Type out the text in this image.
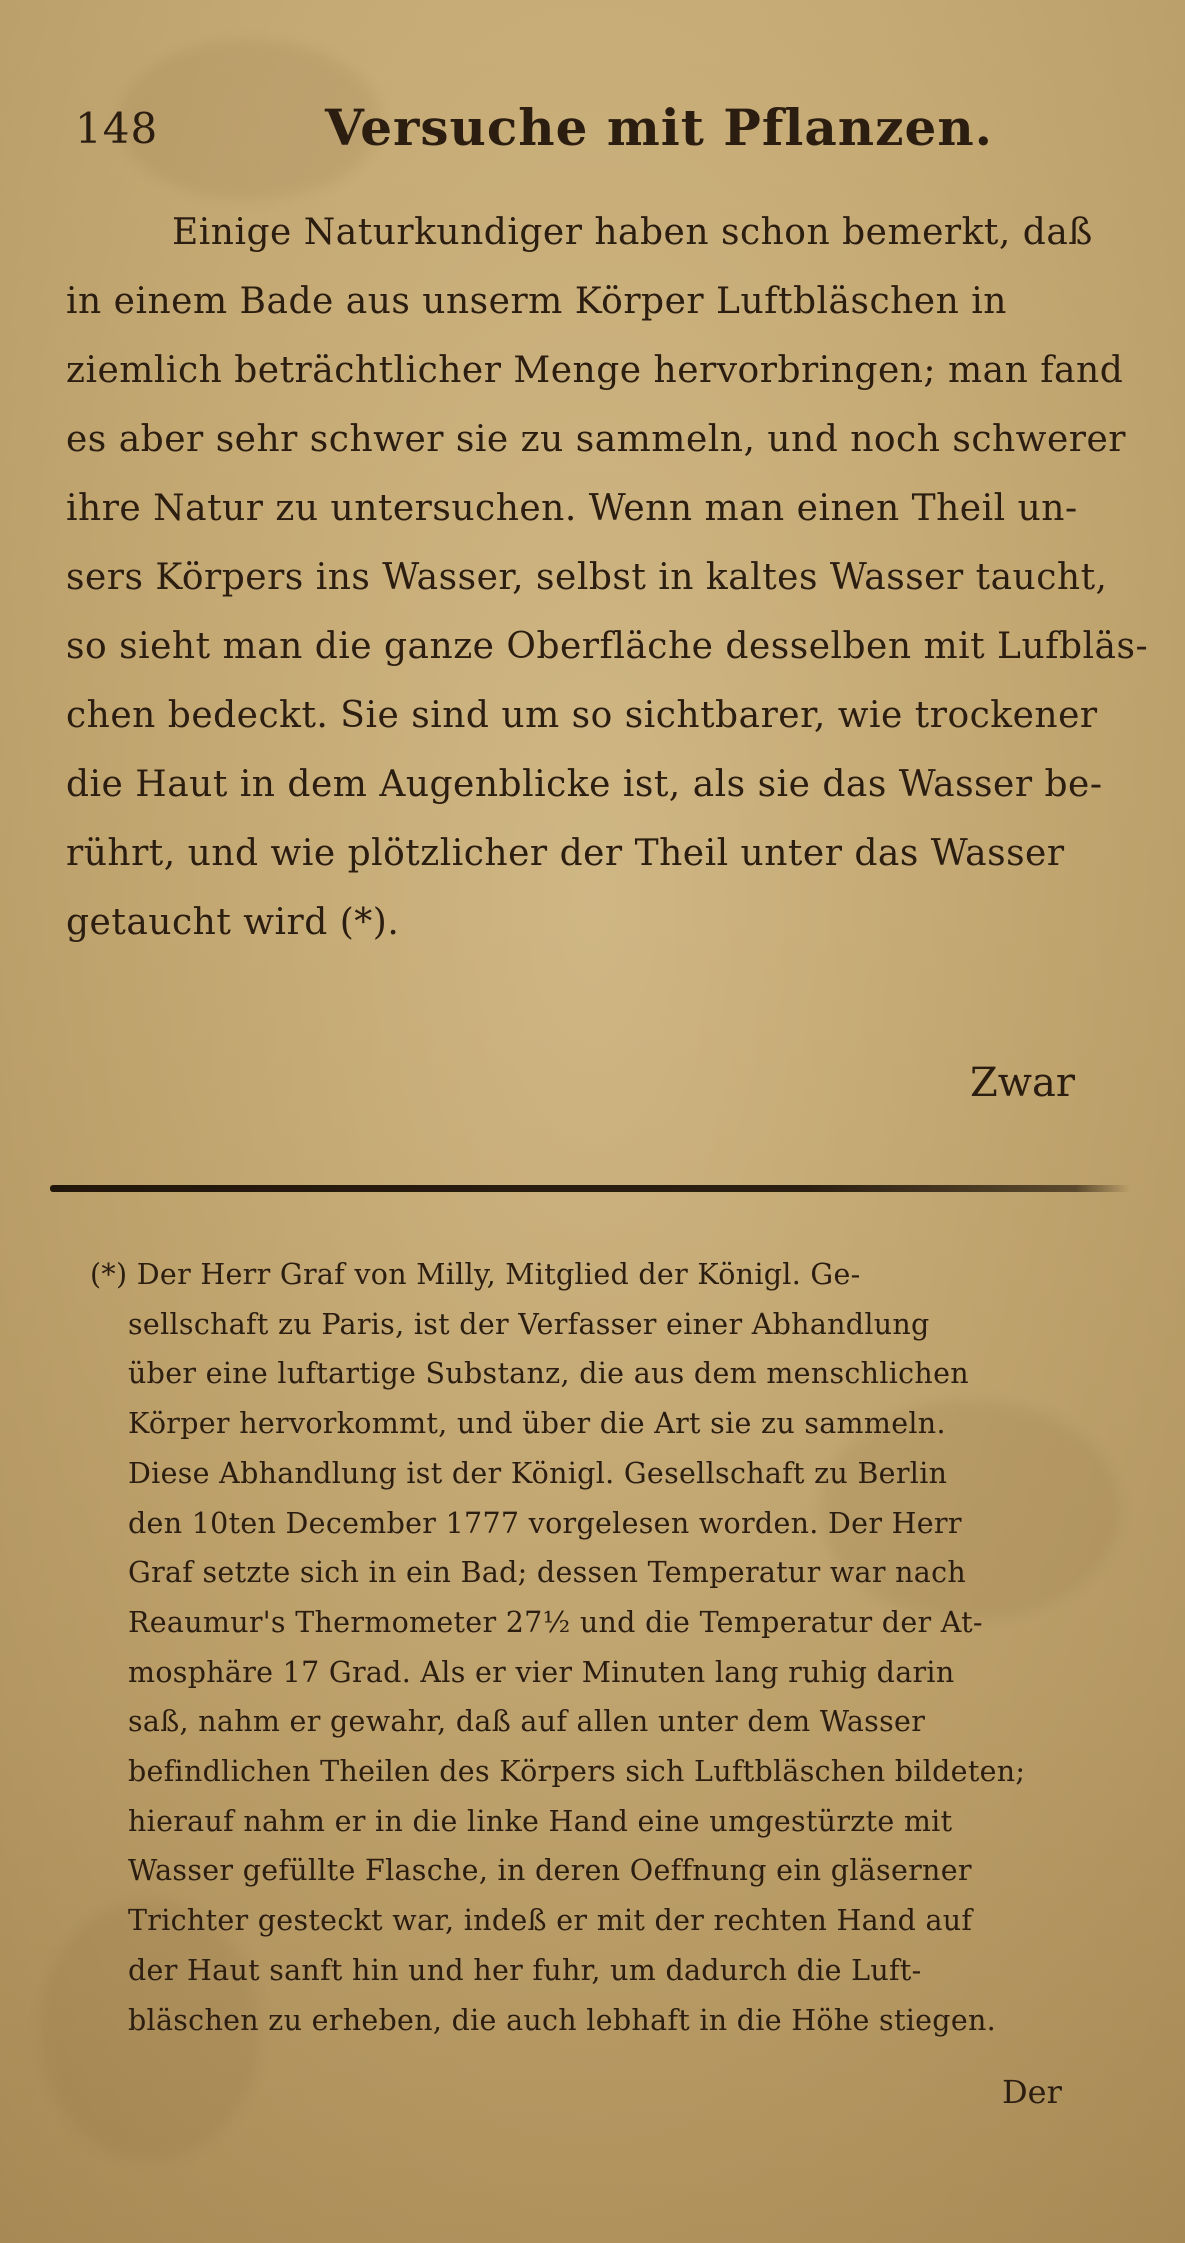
148	Versuche mit Pflanzen.
Einige Naturkundiger haben schon bemerkt, daß
in einem Bade aus unserm Körper Luftbläschen in
ziemlich beträchtlicher Menge hervorbringen; man fand
es aber sehr schwer sie zu sammeln, und noch schwerer
ihre Natur zu untersuchen. Wenn man einen Theil un-
sers Körpers ins Wasser, selbst in kaltes Wasser taucht,
so sieht man die ganze Oberfläche desselben mit Lufbläs-
chen bedeckt. Sie sind um so sichtbarer, wie trockener
die Haut in dem Augenblicke ist, als sie das Wasser be-
rührt, und wie plötzlicher der Theil unter das Wasser
getaucht wird (*).
Zwar
(*) Der Herr Graf von Milly, Mitglied der Königl. Ge-
sellschaft zu Paris, ist der Verfasser einer Abhandlung
über eine luftartige Substanz, die aus dem menschlichen
Körper hervorkommt, und über die Art sie zu sammeln.
Diese Abhandlung ist der Königl. Gesellschaft zu Berlin
den 10ten December 1777 vorgelesen worden. Der Herr
Graf setzte sich in ein Bad; dessen Temperatur war nach
Reaumur's Thermometer 27½ und die Temperatur der At-
mosphäre 17 Grad. Als er vier Minuten lang ruhig darin
saß, nahm er gewahr, daß auf allen unter dem Wasser
befindlichen Theilen des Körpers sich Luftbläschen bildeten;
hierauf nahm er in die linke Hand eine umgestürzte mit
Wasser gefüllte Flasche, in deren Oeffnung ein gläserner
Trichter gesteckt war, indeß er mit der rechten Hand auf
der Haut sanft hin und her fuhr, um dadurch die Luft-
bläschen zu erheben, die auch lebhaft in die Höhe stiegen.
Der
